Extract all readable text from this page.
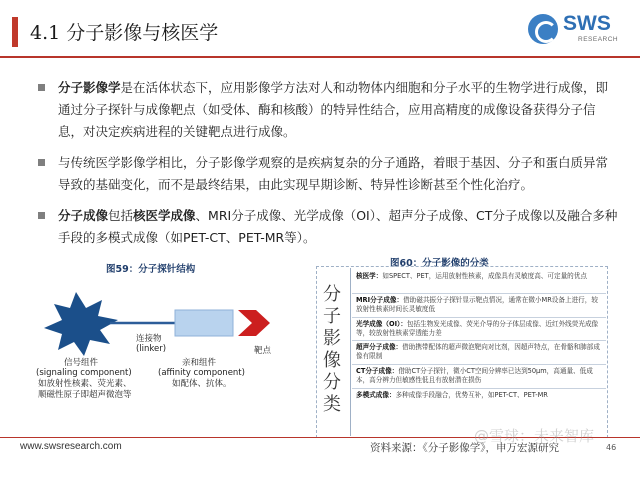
4.1 分子影像与核医学	SWS
RESEARCH
分子影像学是在活体状态下，应用影像学方法对人和动物体内细胞和分子水平的生物学进行成像，即通过分子探针与成像靶点（如受体、酶和核酸）的特异性结合，应用高精度的成像设备获得分子信息，对决定疾病进程的关键靶点进行成像。
与传统医学影像学相比，分子影像学观察的是疾病复杂的分子通路，着眼于基因、分子和蛋白质异常导致的基础变化，而不是最终结果，由此实现早期诊断、特异性诊断甚至个性化治疗。
分子成像包括核医学成像、MRI分子成像、光学成像（OI）、超声分子成像、CT分子成像以及融合多种手段的多模式成像（如PET-CT、PET-MR等）。
图59：分子探针结构
图60：分子影像的分类
连接物
(linker)
信号组件
(signaling component)
如放射性核素、荧光素、顺磁性原子即超声微泡等
亲和组件
(affinity component)
如配体、抗体。
靶点
分
子
影
像
分
类
核医学：如SPECT、PET，运用放射性核素，成像具有灵敏度高、可定量的优点
MRI分子成像：借助磁共振分子探针显示靶点情况，通常在微小MR设备上进行，较放射性核素时间长灵敏度低
光学成像（OI）：包括生物发光成像、荧光介导的分子体层成像、近红外线荧光成像等，较放射性核素穿透能力差
超声分子成像：借助携带配体的超声微泡靶向对比剂，因超声特点，在骨骼和肺部成像有限制
CT分子成像：借助CT分子探针，微小CT空间分辨率已达到50μm，高通量、低成本，高分辨力但敏感性低且有放射潜在损伤
多模式成像：多种成像手段融合，优势互补，如PET-CT、PET-MR
www.swsresearch.com
@雪球：未来智库
资料来源：《分子影像学》，申万宏源研究	46
